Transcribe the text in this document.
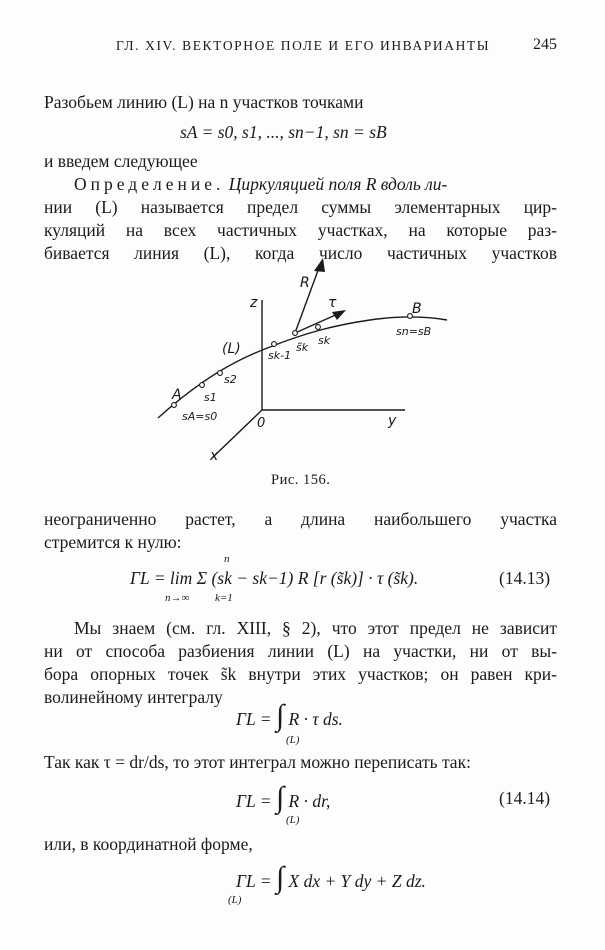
ГЛ. XIV. ВЕКТОРНОЕ ПОЛЕ И ЕГО ИНВАРИАНТЫ	245
Разобьем линию (L) на n участков точками
sA = s0, s1, ..., sn−1, sn = sB
и введем следующее
Определение. Циркуляцией поля R вдоль ли-
нии (L) называется предел суммы элементарных цир-
куляций на всех частичных участках, на которые раз-
бивается линия (L), когда число частичных участков
R
τ	B
sn=sB
sk
s̃k
sk-1
(L)
z
y
x
0
A s1
s2
sA=s0
Рис. 156.
неограниченно растет, а длина наибольшего участка
стремится к нулю:
ΓL = lim Σ (sk − sk−1) R [r (s̃k)] · τ (s̃k).
n→∞
n
k=1
(14.13)
Мы знаем (см. гл. XIII, § 2), что этот предел не зависит
ни от способа разбиения линии (L) на участки, ни от вы-
бора опорных точек s̃k внутри этих участков; он равен кри-
волинейному интегралу
ΓL = ∫ R · τ ds.
(L)
Так как τ = dr/ds, то этот интеграл можно переписать так:
ΓL = ∫ R · dr,
(L)
(14.14)
или, в координатной форме,
ΓL = ∫ X dx + Y dy + Z dz.
(L)
